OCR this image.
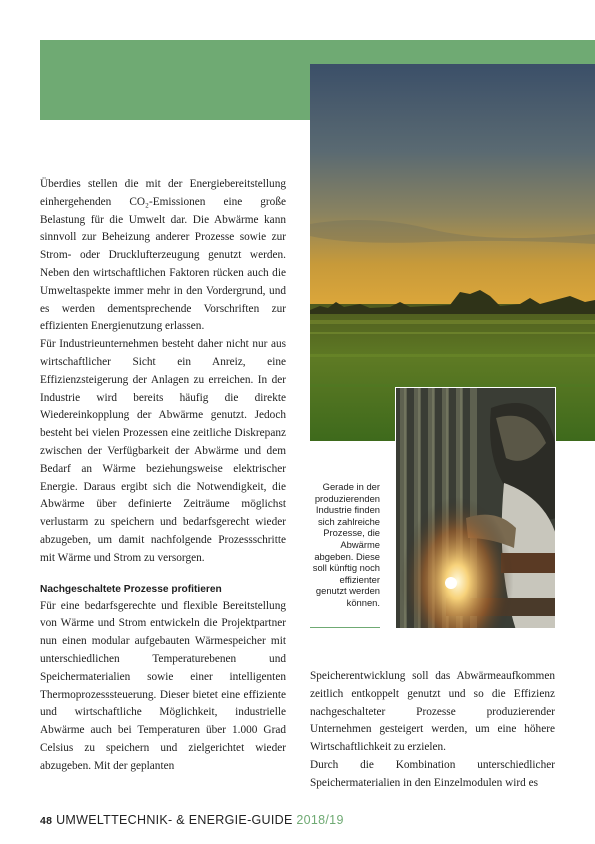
Überdies stellen die mit der Energiebereitstellung einhergehenden CO₂-Emissionen eine große Belastung für die Umwelt dar. Die Abwärme kann sinnvoll zur Beheizung anderer Prozesse sowie zur Strom- oder Drucklufterzeugung genutzt werden. Neben den wirtschaftlichen Faktoren rücken auch die Umweltaspekte immer mehr in den Vordergrund, und es werden dementsprechende Vorschriften zur effizienten Energienutzung erlassen.

Für Industrieunternehmen besteht daher nicht nur aus wirtschaftlicher Sicht ein Anreiz, eine Effizienzsteigerung der Anlagen zu erreichen. In der Industrie wird bereits häufig die direkte Wiedereinkopplung der Abwärme genutzt. Jedoch besteht bei vielen Prozessen eine zeitliche Diskrepanz zwischen der Verfügbarkeit der Abwärme und dem Bedarf an Wärme beziehungsweise elektrischer Energie. Daraus ergibt sich die Notwendigkeit, die Abwärme über definierte Zeiträume möglichst verlustarm zu speichern und bedarfsgerecht wieder abzugeben, um damit nachfolgende Prozessschritte mit Wärme und Strom zu versorgen.

Nachgeschaltete Prozesse profitieren

Für eine bedarfsgerechte und flexible Bereitstellung von Wärme und Strom entwickeln die Projektpartner nun einen modular aufgebauten Wärmespeicher mit unterschiedlichen Temperaturebenen und Speichermaterialien sowie einer intelligenten Thermoprozesssteuerung. Dieser bietet eine effiziente und wirtschaftliche Möglichkeit, industrielle Abwärme auch bei Temperaturen über 1.000 Grad Celsius zu speichern und zielgerichtet wieder abzugeben. Mit der geplanten

Speicherentwicklung soll das Abwärmeaufkommen zeitlich entkoppelt genutzt und so die Effizienz nachgeschalteter Prozesse produzierender Unternehmen gesteigert werden, um eine höhere Wirtschaftlichkeit zu erzielen.

Durch die Kombination unterschiedlicher Speichermaterialien in den Einzelmodulen wird es

Gerade in der produzierenden Industrie finden sich zahlreiche Prozesse, die Abwärme abgeben. Diese soll künftig noch effizienter genutzt werden können.
48 UMWELTTECHNIK- & ENERGIE-GUIDE 2018/19
